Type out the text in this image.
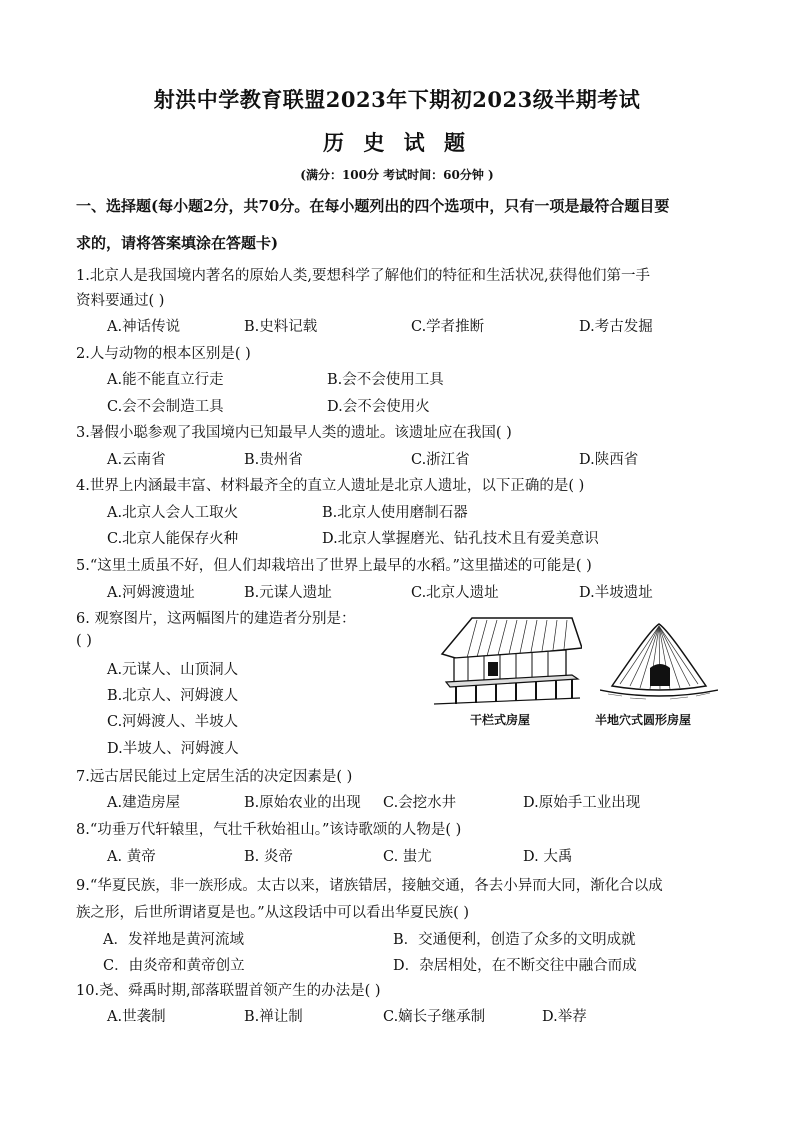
射洪中学教育联盟2023年下期初2023级半期考试
历 史 试 题
(满分：100分 考试时间：60分钟 )
一、选择题(每小题2分，共70分。在每小题列出的四个选项中，只有一项是最符合题目要
求的，请将答案填涂在答题卡)
1.北京人是我国境内著名的原始人类,要想科学了解他们的特征和生活状况,获得他们第一手
资料要通过( )
A.神话传说	B.史料记载	C.学者推断	D.考古发掘
2.人与动物的根本区别是( )
A.能不能直立行走	B.会不会使用工具
C.会不会制造工具	D.会不会使用火
3.暑假小聪参观了我国境内已知最早人类的遗址。该遗址应在我国( )
A.云南省	B.贵州省	C.浙江省	D.陕西省
4.世界上内涵最丰富、材料最齐全的直立人遗址是北京人遗址，以下正确的是( )
A.北京人会人工取火	B.北京人使用磨制石器
C.北京人能保存火种	D.北京人掌握磨光、钻孔技术且有爱美意识
5.“这里土质虽不好，但人们却栽培出了世界上最早的水稻。”这里描述的可能是( )
A.河姆渡遗址	B.元谋人遗址	C.北京人遗址	D.半坡遗址
6. 观察图片，这两幅图片的建造者分别是：
( )
A.元谋人、山顶洞人
B.北京人、河姆渡人
C.河姆渡人、半坡人
D.半坡人、河姆渡人
干栏式房屋	半地穴式圆形房屋
7.远古居民能过上定居生活的决定因素是( )
A.建造房屋	B.原始农业的出现 C.会挖水井	D.原始手工业出现
8.“功垂万代轩辕里，气壮千秋始祖山。”该诗歌颂的人物是( )
A. 黄帝	B. 炎帝	C. 蚩尤	D. 大禹
9.“华夏民族，非一族形成。太古以来，诸族错居，接触交通，各去小异而大同，渐化合以成
族之形，后世所谓诸夏是也。”从这段话中可以看出华夏民族( )
A．发祥地是黄河流域	B．交通便利，创造了众多的文明成就
C．由炎帝和黄帝创立	D．杂居相处，在不断交往中融合而成
10.尧、舜禹时期,部落联盟首领产生的办法是( )
A.世袭制	B.禅让制	C.嫡长子继承制	D.举荐
